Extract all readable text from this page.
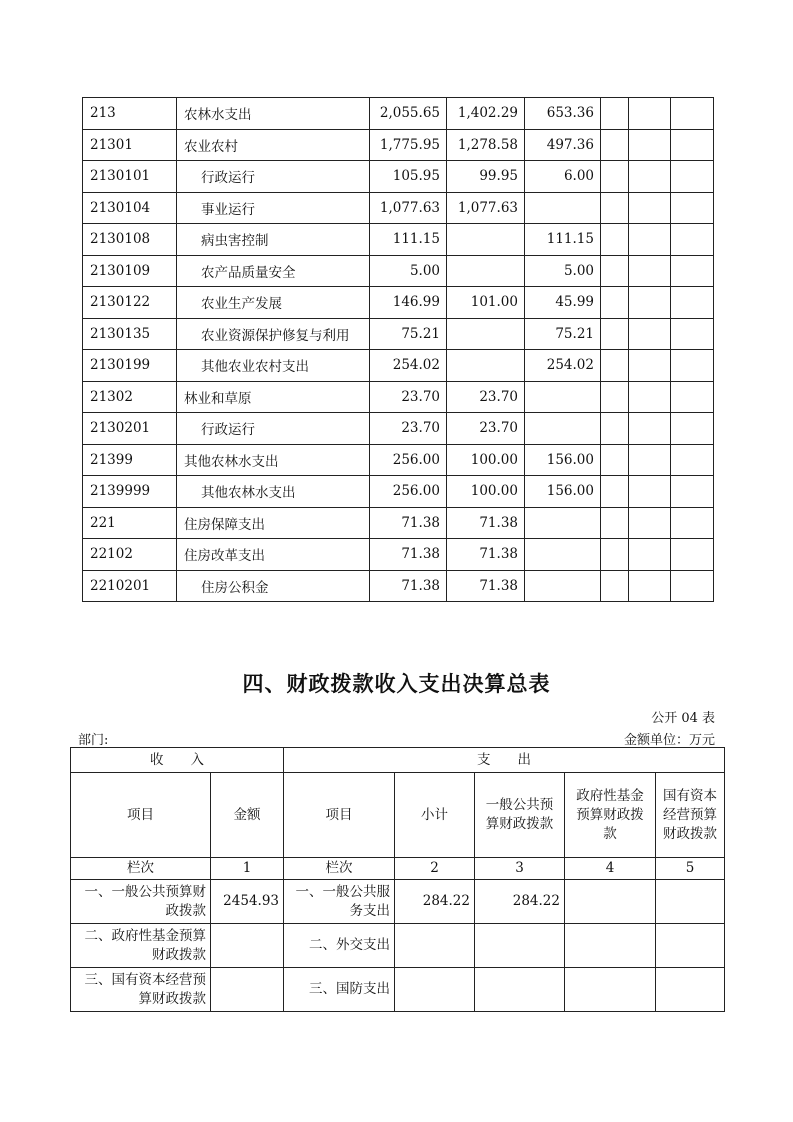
213	农林水支出	2,055.65	1,402.29	653.36			
21301	农业农村	1,775.95	1,278.58	497.36			
2130101	行政运行	105.95	99.95	6.00			
2130104	事业运行	1,077.63	1,077.63				
2130108	病虫害控制	111.15		111.15			
2130109	农产品质量安全	5.00		5.00			
2130122	农业生产发展	146.99	101.00	45.99			
2130135	农业资源保护修复与利用	75.21		75.21			
2130199	其他农业农村支出	254.02		254.02			
21302	林业和草原	23.70	23.70				
2130201	行政运行	23.70	23.70				
21399	其他农林水支出	256.00	100.00	156.00			
2139999	其他农林水支出	256.00	100.00	156.00			
221	住房保障支出	71.38	71.38				
22102	住房改革支出	71.38	71.38				
2210201	住房公积金	71.38	71.38				
四、财政拨款收入支出决算总表
公开 04 表
部门:	金额单位：万元
收　　入		支　　出				
项目	金额	项目	小计	一般公共预算财政拨款	政府性基金预算财政拨款	国有资本经营预算财政拨款
栏次	1	栏次	2	3	4	5
一、一般公共预算财政拨款	2454.93	一、一般公共服务支出	284.22	284.22		
二、政府性基金预算财政拨款		二、外交支出				
三、国有资本经营预算财政拨款		三、国防支出				
